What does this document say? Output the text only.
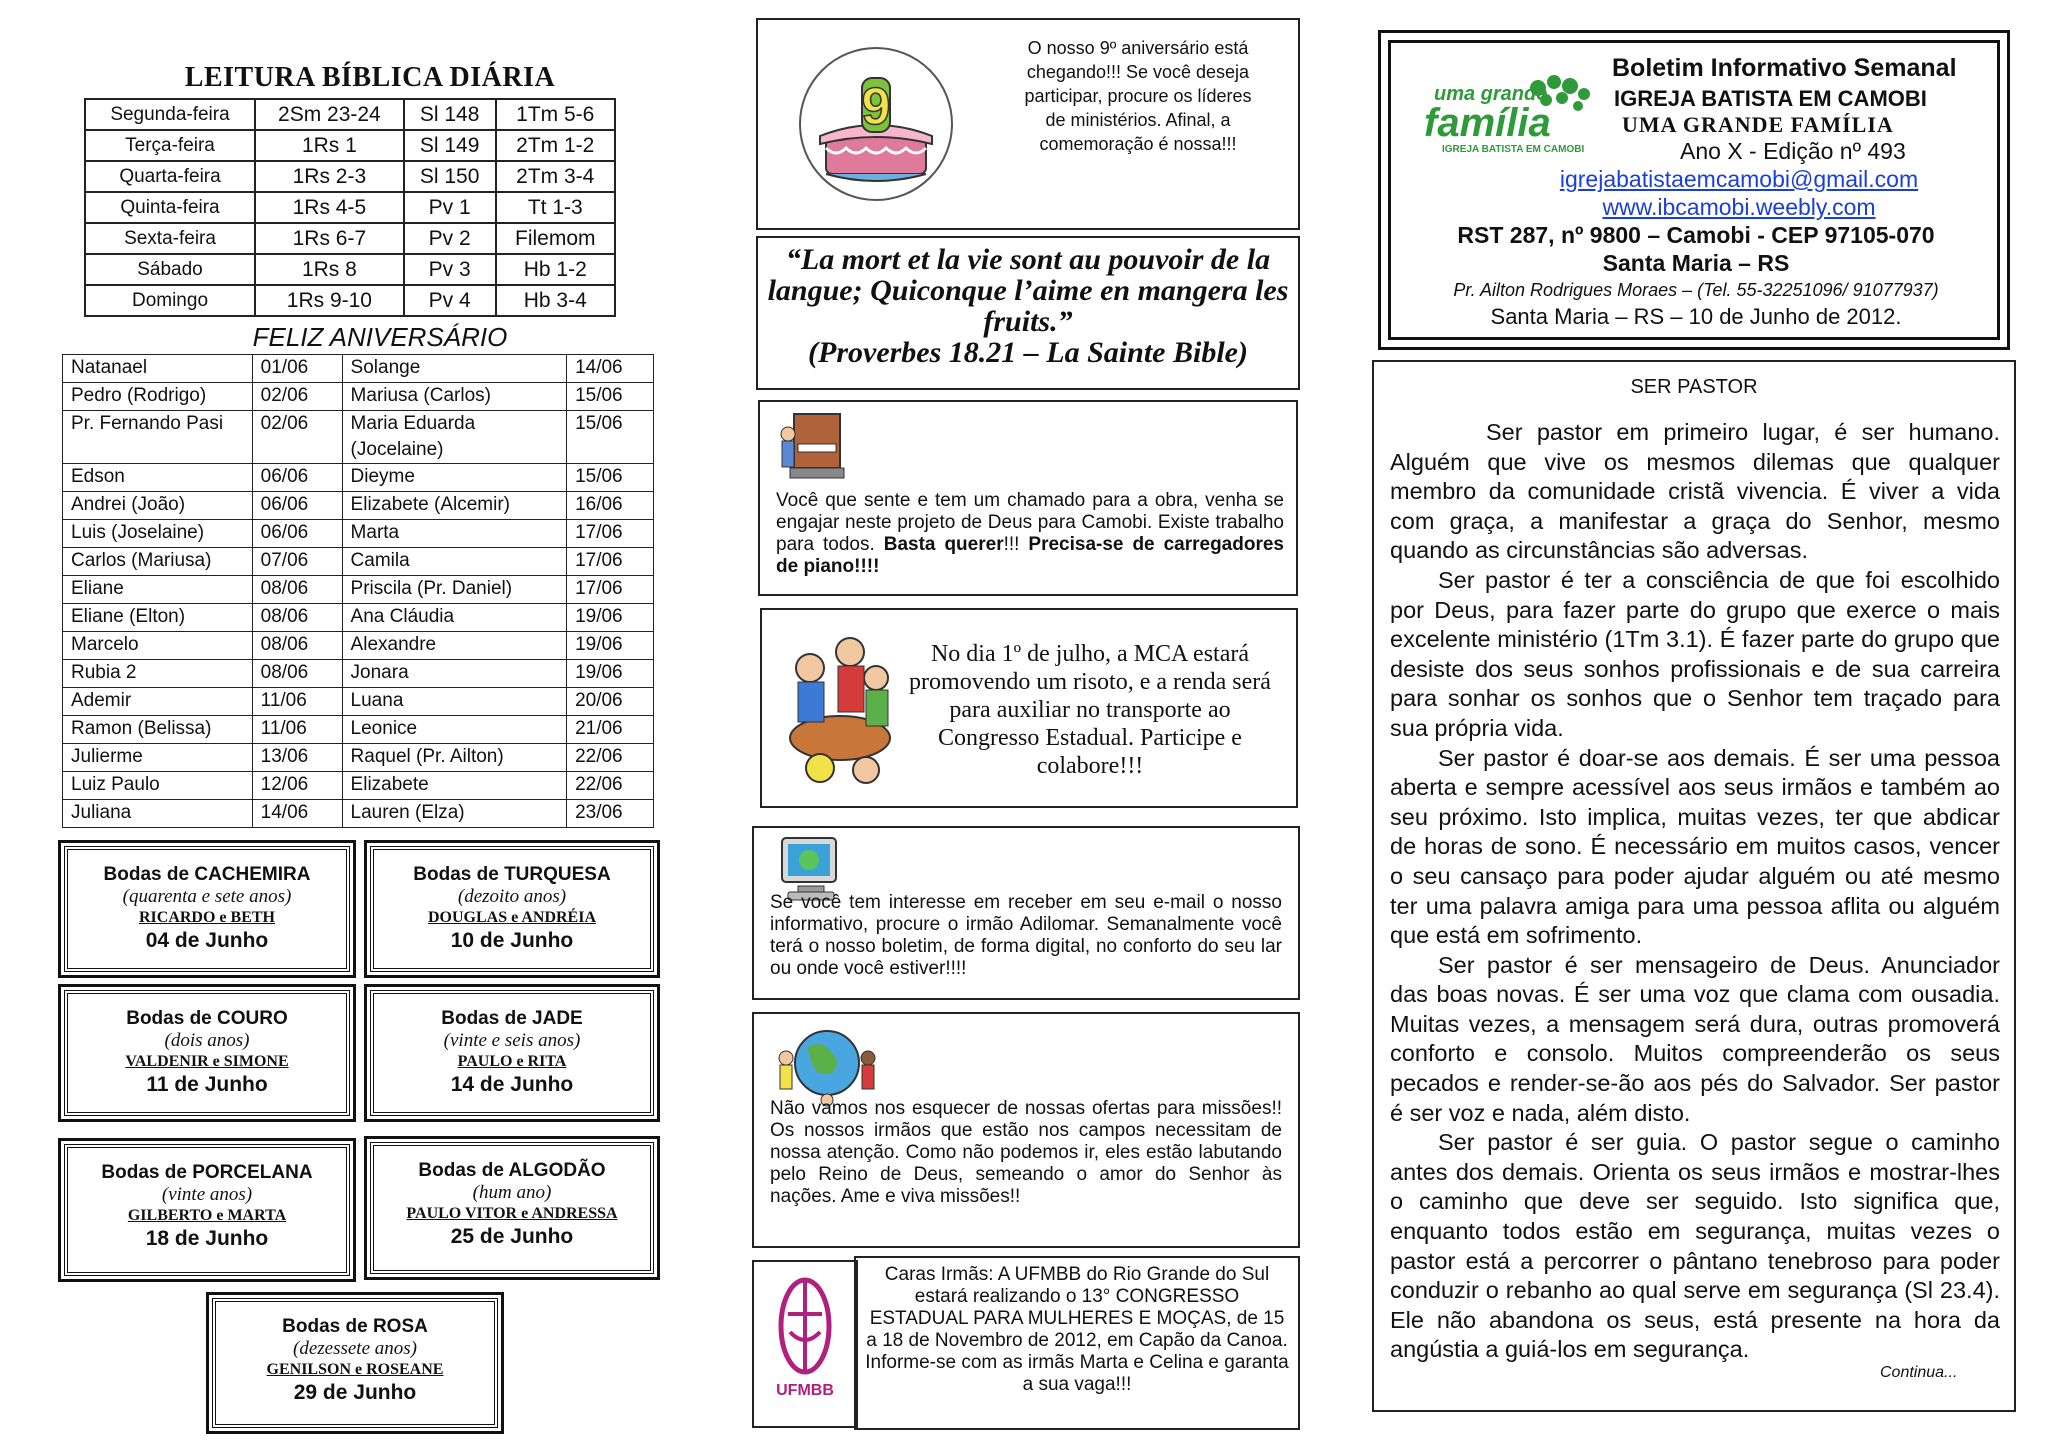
LEITURA BÍBLICA DIÁRIA
Segunda-feira	2Sm 23-24	Sl 148	1Tm 5-6
Terça-feira	1Rs 1	Sl 149	2Tm 1-2
Quarta-feira	1Rs 2-3	Sl 150	2Tm 3-4
Quinta-feira	1Rs 4-5	Pv 1	Tt 1-3
Sexta-feira	1Rs 6-7	Pv 2	Filemom
Sábado	1Rs 8	Pv 3	Hb 1-2
Domingo	1Rs 9-10	Pv 4	Hb 3-4
FELIZ ANIVERSÁRIO
Natanael	01/06	Solange	14/06
Pedro (Rodrigo)	02/06	Mariusa (Carlos)	15/06
Pr. Fernando Pasi	02/06	Maria Eduarda (Jocelaine)	15/06
Edson	06/06	Dieyme	15/06
Andrei (João)	06/06	Elizabete (Alcemir)	16/06
Luis (Joselaine)	06/06	Marta	17/06
Carlos (Mariusa)	07/06	Camila	17/06
Eliane	08/06	Priscila (Pr. Daniel)	17/06
Eliane (Elton)	08/06	Ana Cláudia	19/06
Marcelo	08/06	Alexandre	19/06
Rubia 2	08/06	Jonara	19/06
Ademir	11/06	Luana	20/06
Ramon (Belissa)	11/06	Leonice	21/06
Julierme	13/06	Raquel (Pr. Ailton)	22/06
Luiz Paulo	12/06	Elizabete	22/06
Juliana	14/06	Lauren (Elza)	23/06
Bodas de CACHEMIRA
(quarenta e sete anos)
RICARDO e BETH
04 de Junho
Bodas de TURQUESA
(dezoito anos)
DOUGLAS e ANDRÉIA
10 de Junho
Bodas de COURO
(dois anos)
VALDENIR e SIMONE
11 de Junho
Bodas de JADE
(vinte e seis anos)
PAULO e RITA
14 de Junho
Bodas de PORCELANA
(vinte anos)
GILBERTO e MARTA
18 de Junho
Bodas de ALGODÃO
(hum ano)
PAULO VITOR e ANDRESSA
25 de Junho
Bodas de ROSA
(dezessete anos)
GENILSON e ROSEANE
29 de Junho
9
O nosso 9º aniversário está chegando!!! Se você deseja participar, procure os líderes de ministérios. Afinal, a comemoração é nossa!!!
“La mort et la vie sont au pouvoir de la langue; Quiconque l’aime en mangera les fruits.”
(Proverbes 18.21 – La Sainte Bible)
Você que sente e tem um chamado para a obra, venha se engajar neste projeto de Deus para Camobi. Existe trabalho para todos. Basta querer!!! Precisa-se de carregadores de piano!!!!
No dia 1º de julho, a MCA estará promovendo um risoto, e a renda será para auxiliar no transporte ao Congresso Estadual. Participe e colabore!!!
Se você tem interesse em receber em seu e-mail o nosso informativo, procure o irmão Adilomar. Semanalmente você terá o nosso boletim, de forma digital, no conforto do seu lar ou onde você estiver!!!!
Não vamos nos esquecer de nossas ofertas para missões!! Os nossos irmãos que estão nos campos necessitam de nossa atenção. Como não podemos ir, eles estão labutando pelo Reino de Deus, semeando o amor do Senhor às nações. Ame e viva missões!!
UFMBB
Caras Irmãs: A UFMBB do Rio Grande do Sul estará realizando o 13° CONGRESSO ESTADUAL PARA MULHERES E MOÇAS, de 15 a 18 de Novembro de 2012, em Capão da Canoa. Informe-se com as irmãs Marta e Celina e garanta a sua vaga!!!
uma grande
família
IGREJA BATISTA EM CAMOBI
Boletim Informativo Semanal
IGREJA BATISTA EM CAMOBI
UMA GRANDE FAMÍLIA
Ano X - Edição nº 493
igrejabatistaemcamobi@gmail.com
www.ibcamobi.weebly.com
RST 287, nº 9800 – Camobi - CEP 97105-070
Santa Maria – RS
Pr. Ailton Rodrigues Moraes – (Tel. 55-32251096/ 91077937)
Santa Maria – RS – 10 de Junho de 2012.
SER PASTOR

Ser pastor em primeiro lugar, é ser humano. Alguém que vive os mesmos dilemas que qualquer membro da comunidade cristã vivencia. É viver a vida com graça, a manifestar a graça do Senhor, mesmo quando as circunstâncias são adversas.

Ser pastor é ter a consciência de que foi escolhido por Deus, para fazer parte do grupo que exerce o mais excelente ministério (1Tm 3.1). É fazer parte do grupo que desiste dos seus sonhos profissionais e de sua carreira para sonhar os sonhos que o Senhor tem traçado para sua própria vida.

Ser pastor é doar-se aos demais. É ser uma pessoa aberta e sempre acessível aos seus irmãos e também ao seu próximo. Isto implica, muitas vezes, ter que abdicar de horas de sono. É necessário em muitos casos, vencer o seu cansaço para poder ajudar alguém ou até mesmo ter uma palavra amiga para uma pessoa aflita ou alguém que está em sofrimento.

Ser pastor é ser mensageiro de Deus. Anunciador das boas novas. É ser uma voz que clama com ousadia. Muitas vezes, a mensagem será dura, outras promoverá conforto e consolo. Muitos compreenderão os seus pecados e render-se-ão aos pés do Salvador. Ser pastor é ser voz e nada, além disto.

Ser pastor é ser guia. O pastor segue o caminho antes dos demais. Orienta os seus irmãos e mostrar-lhes o caminho que deve ser seguido. Isto significa que, enquanto todos estão em segurança, muitas vezes o pastor está a percorrer o pântano tenebroso para poder conduzir o rebanho ao qual serve em segurança (Sl 23.4). Ele não abandona os seus, está presente na hora da angústia a guiá-los em segurança.

Continua...
